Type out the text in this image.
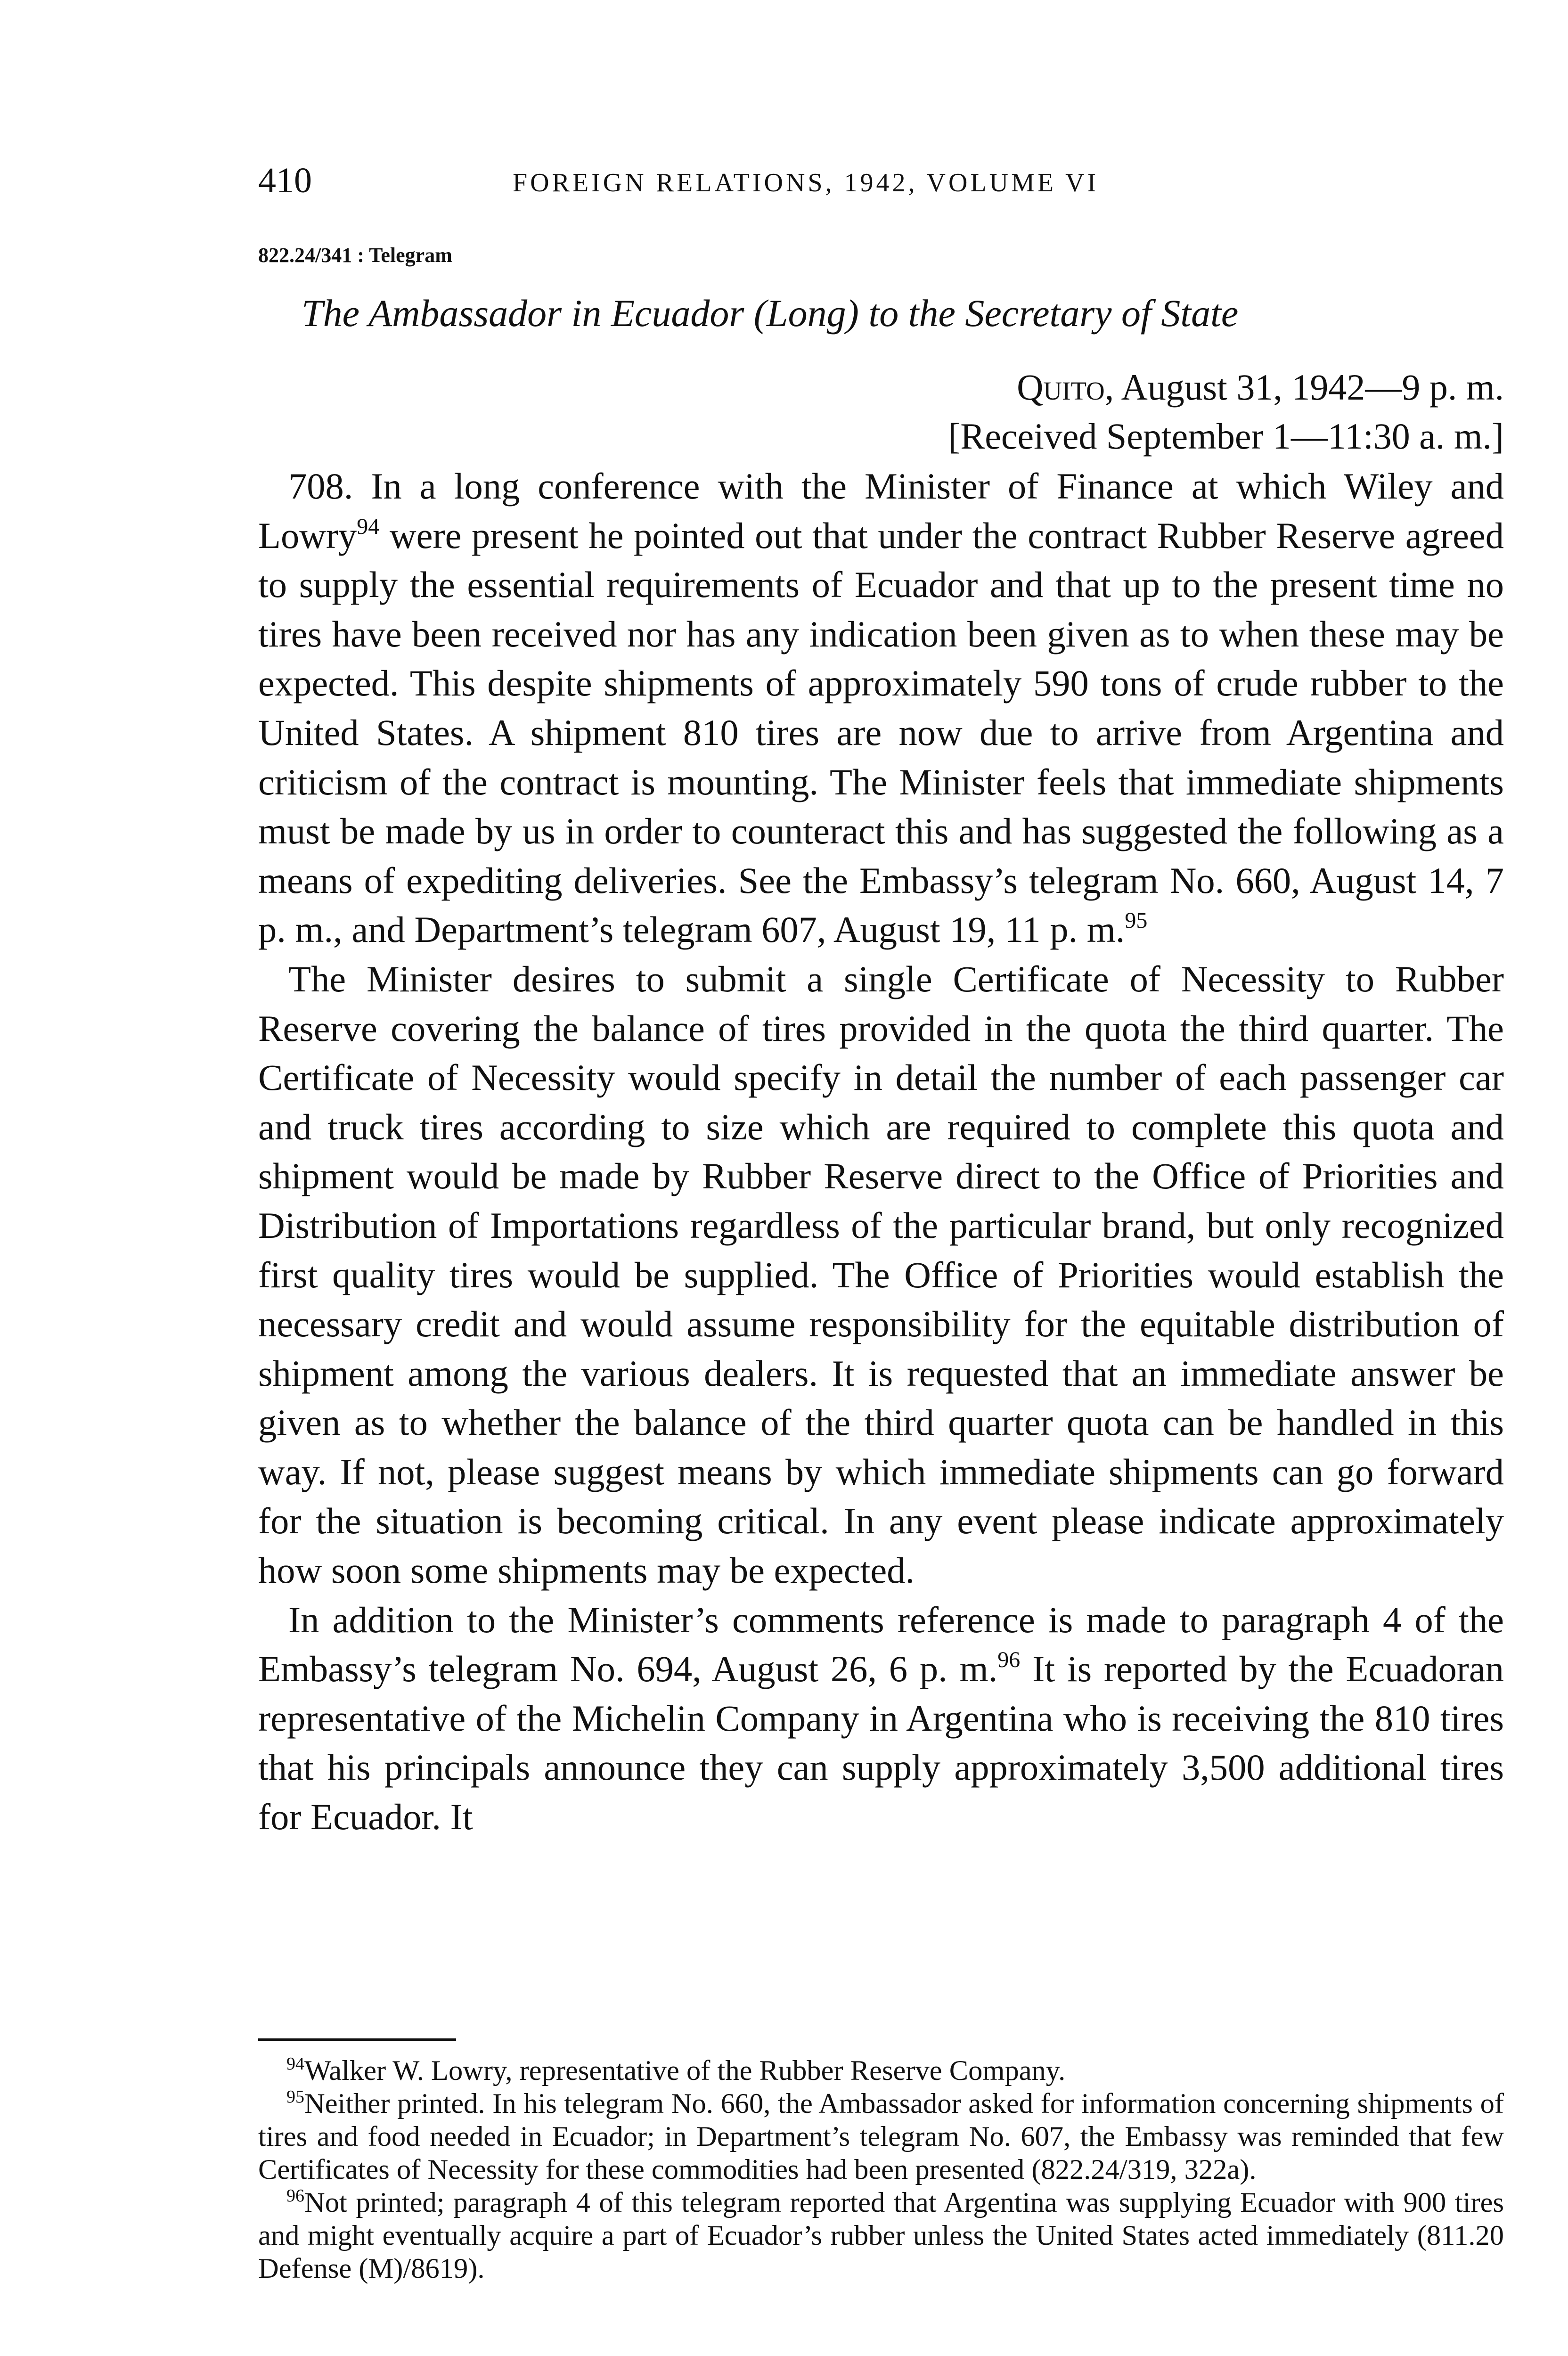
410	FOREIGN RELATIONS, 1942, VOLUME VI
822.24/341 : Telegram
The Ambassador in Ecuador (Long) to the Secretary of State
Quito, August 31, 1942—9 p. m.
[Received September 1—11:30 a. m.]

708. In a long conference with the Minister of Finance at which Wiley and Lowry$^{94}$ were present he pointed out that under the contract Rubber Reserve agreed to supply the essential requirements of Ecuador and that up to the present time no tires have been received nor has any indication been given as to when these may be expected. This despite shipments of approximately 590 tons of crude rubber to the United States. A shipment 810 tires are now due to arrive from Argentina and criticism of the contract is mounting. The Minister feels that immediate shipments must be made by us in order to counteract this and has suggested the following as a means of expediting deliveries. See the Embassy’s telegram No. 660, August 14, 7 p. m., and Department’s telegram 607, August 19, 11 p. m.$^{95}$

The Minister desires to submit a single Certificate of Necessity to Rubber Reserve covering the balance of tires provided in the quota the third quarter. The Certificate of Necessity would specify in detail the number of each passenger car and truck tires according to size which are required to complete this quota and shipment would be made by Rubber Reserve direct to the Office of Priorities and Distribution of Importations regardless of the particular brand, but only recognized first quality tires would be supplied. The Office of Priorities would establish the necessary credit and would assume responsibility for the equitable distribution of shipment among the various dealers. It is requested that an immediate answer be given as to whether the balance of the third quarter quota can be handled in this way. If not, please suggest means by which immediate shipments can go forward for the situation is becoming critical. In any event please indicate approximately how soon some shipments may be expected.

In addition to the Minister’s comments reference is made to paragraph 4 of the Embassy’s telegram No. 694, August 26, 6 p. m.$^{96}$ It is reported by the Ecuadoran representative of the Michelin Company in Argentina who is receiving the 810 tires that his principals announce they can supply approximately 3,500 additional tires for Ecuador. It

$^{94}$Walker W. Lowry, representative of the Rubber Reserve Company.

$^{95}$Neither printed. In his telegram No. 660, the Ambassador asked for information concerning shipments of tires and food needed in Ecuador; in Department’s telegram No. 607, the Embassy was reminded that few Certificates of Necessity for these commodities had been presented (822.24/319, 322a).

$^{96}$Not printed; paragraph 4 of this telegram reported that Argentina was supplying Ecuador with 900 tires and might eventually acquire a part of Ecuador’s rubber unless the United States acted immediately (811.20 Defense (M)/8619).
